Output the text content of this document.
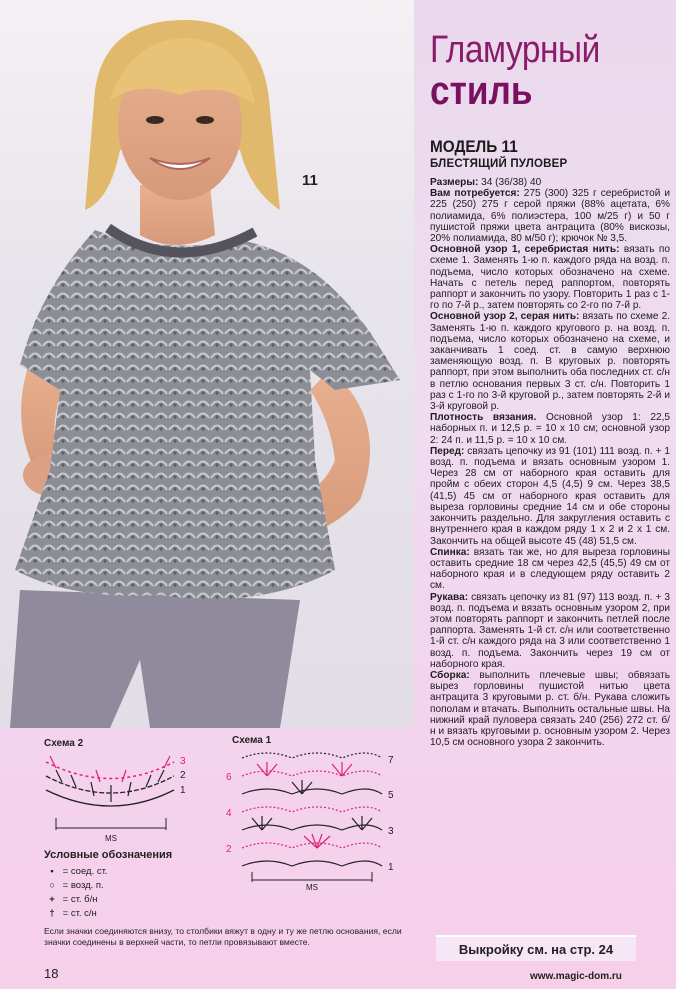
11
Гламурный
стиль
МОДЕЛЬ 11
БЛЕСТЯЩИЙ ПУЛОВЕР

Размеры: 34 (36/38) 40

Вам потребуется: 275 (300) 325 г серебристой и 225 (250) 275 г серой пряжи (88% ацетата, 6% полиамида, 6% полиэстера, 100 м/25 г) и 50 г пушистой пряжи цвета антрацита (80% вискозы, 20% полиамида, 80 м/50 г); крючок № 3,5.

Основной узор 1, серебристая нить: вязать по схеме 1. Заменять 1-ю п. каждого ряда на возд. п. подъема, число которых обозначено на схеме. Начать с петель перед раппортом, повторять раппорт и закончить по узору. Повторить 1 раз с 1-го по 7-й р., затем повторять со 2-го по 7-й р.

Основной узор 2, серая нить: вязать по схеме 2. Заменять 1-ю п. каждого кругового р. на возд. п. подъема, число которых обозначено на схеме, и заканчивать 1 соед. ст. в самую верхнюю заменяющую возд. п. В круговых р. повторять раппорт, при этом выполнить оба последних ст. с/н в петлю основания первых 3 ст. с/н. Повторить 1 раз с 1-го по 3-й круговой р., затем повторять 2-й и 3-й круговой р.

Плотность вязания. Основной узор 1: 22,5 наборных п. и 12,5 р. = 10 х 10 см; основной узор 2: 24 п. и 11,5 р. = 10 х 10 см.

Перед: связать цепочку из 91 (101) 111 возд. п. + 1 возд. п. подъема и вязать основным узором 1. Через 28 см от наборного края оставить для пройм с обеих сторон 4,5 (4,5) 9 см. Через 38,5 (41,5) 45 см от наборного края оставить для выреза горловины средние 14 см и обе стороны закончить раздельно. Для закругления оставить с внутреннего края в каждом ряду 1 х 2 и 2 х 1 см. Закончить на общей высоте 45 (48) 51,5 см.

Спинка: вязать так же, но для выреза горловины оставить средние 18 см через 42,5 (45,5) 49 см от наборного края и в следующем ряду оставить 2 см.

Рукава: связать цепочку из 81 (97) 113 возд. п. + 3 возд. п. подъема и вязать основным узором 2, при этом повторять раппорт и закончить петлей после раппорта. Заменять 1-й ст. с/н или соответственно 1-й ст. с/н каждого ряда на 3 или соответственно 1 возд. п. подъема. Закончить через 19 см от наборного края.

Сборка: выполнить плечевые швы; обвязать вырез горловины пушистой нитью цвета антрацита 3 круговыми р. ст. б/н. Рукава сложить пополам и втачать. Выполнить остальные швы. На нижний край пуловера связать 240 (256) 272 ст. б/н и вязать круговыми р. основным узором 2. Через 10,5 см основного узора 2 закончить.

Схема 2
MS
3
2
1
Схема 1
MS
7
5
3
1
6
4
2
Условные обозначения
• = соед. ст.
○ = возд. п.
+ = ст. б/н
† = ст. с/н
Если значки соединяются внизу, то столбики вяжут в одну и ту же петлю основания, если значки соединены в верхней части, то петли провязывают вместе.
18
Выкройку см. на стр. 24
www.magic-dom.ru
